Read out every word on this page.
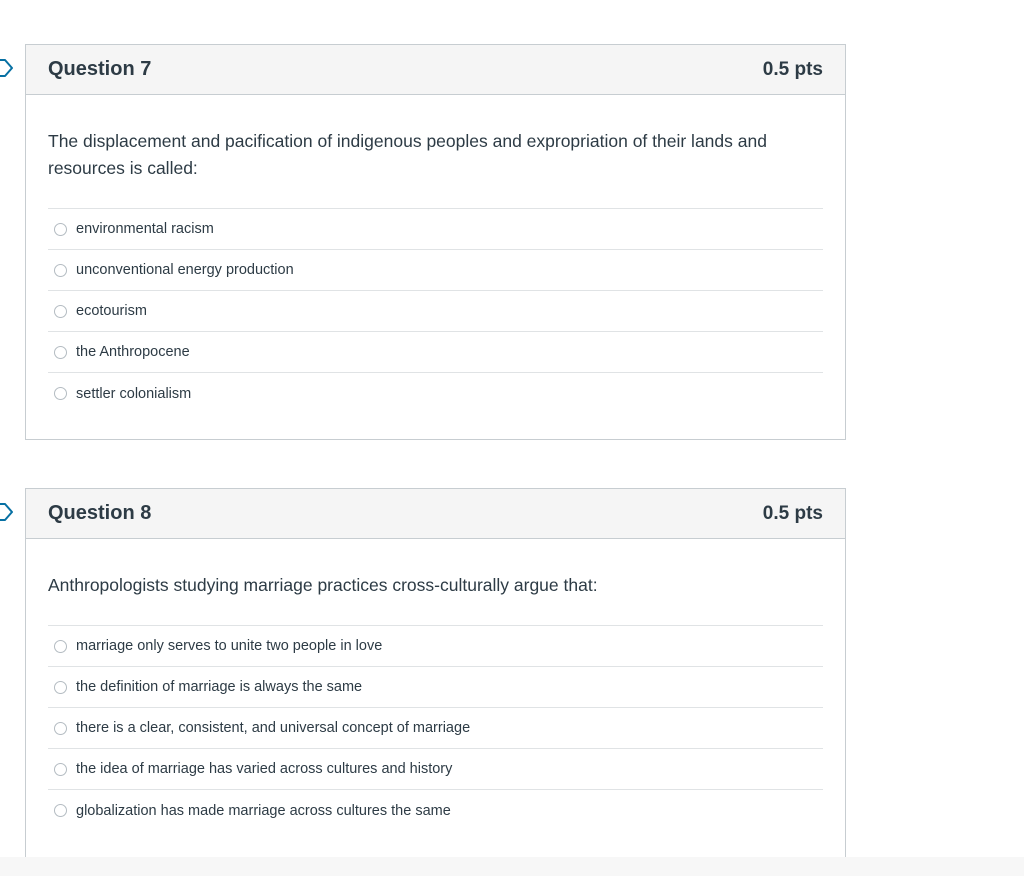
Question 7	0.5 pts

The displacement and pacification of indigenous peoples and expropriation of their lands and resources is called:

environmental racism
unconventional energy production
ecotourism
the Anthropocene
settler colonialism
Question 8	0.5 pts

Anthropologists studying marriage practices cross-culturally argue that:

marriage only serves to unite two people in love
the definition of marriage is always the same
there is a clear, consistent, and universal concept of marriage
the idea of marriage has varied across cultures and history
globalization has made marriage across cultures the same
